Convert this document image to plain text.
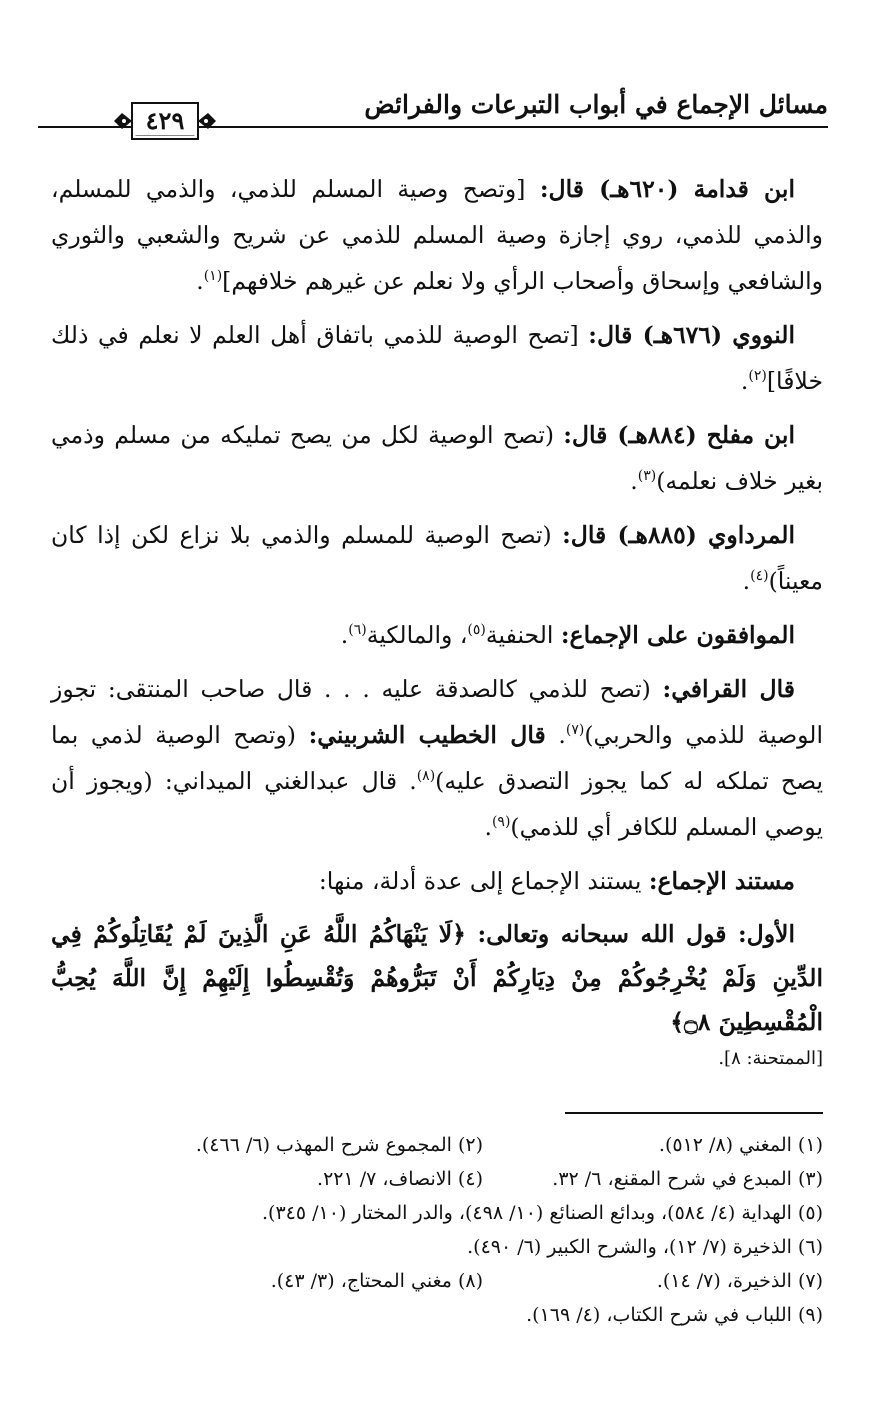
مسائل الإجماع في أبواب التبرعات والفرائض
٤٢٩

ابن قدامة (٦٢٠هـ) قال: [وتصح وصية المسلم للذمي، والذمي للمسلم، والذمي للذمي، روي إجازة وصية المسلم للذمي عن شريح والشعبي والثوري والشافعي وإسحاق وأصحاب الرأي ولا نعلم عن غيرهم خلافهم]$^{(١)}$.

النووي (٦٧٦هـ) قال: [تصح الوصية للذمي باتفاق أهل العلم لا نعلم في ذلك خلافًا]$^{(٢)}$.

ابن مفلح (٨٨٤هـ) قال: (تصح الوصية لكل من يصح تمليكه من مسلم وذمي بغير خلاف نعلمه)$^{(٣)}$.

المرداوي (٨٨٥هـ) قال: (تصح الوصية للمسلم والذمي بلا نزاع لكن إذا كان معيناً)$^{(٤)}$.

الموافقون على الإجماع: الحنفية$^{(٥)}$، والمالكية$^{(٦)}$.

قال القرافي: (تصح للذمي كالصدقة عليه . . . قال صاحب المنتقى: تجوز الوصية للذمي والحربي)$^{(٧)}$. قال الخطيب الشربيني: (وتصح الوصية لذمي بما يصح تملكه له كما يجوز التصدق عليه)$^{(٨)}$. قال عبدالغني الميداني: (ويجوز أن يوصي المسلم للكافر أي للذمي)$^{(٩)}$.

مستند الإجماع: يستند الإجماع إلى عدة أدلة، منها:

الأول: قول الله سبحانه وتعالى: ﴿لَا يَنْهَاكُمُ اللَّهُ عَنِ الَّذِينَ لَمْ يُقَاتِلُوكُمْ فِي الدِّينِ وَلَمْ يُخْرِجُوكُمْ مِنْ دِيَارِكُمْ أَنْ تَبَرُّوهُمْ وَتُقْسِطُوا إِلَيْهِمْ إِنَّ اللَّهَ يُحِبُّ الْمُقْسِطِينَ ۝٨﴾

[الممتحنة: ٨].

(١) المغني (٨/ ٥١٢).
(٢) المجموع شرح المهذب (٦/ ٤٦٦).
(٣) المبدع في شرح المقنع، ٦/ ٣٢.
(٤) الانصاف، ٧/ ٢٢١.
(٥) الهداية (٤/ ٥٨٤)، وبدائع الصنائع (١٠/ ٤٩٨)، والدر المختار (١٠/ ٣٤٥).
(٦) الذخيرة (٧/ ١٢)، والشرح الكبير (٦/ ٤٩٠).
(٧) الذخيرة، (٧/ ١٤).
(٨) مغني المحتاج، (٣/ ٤٣).
(٩) اللباب في شرح الكتاب، (٤/ ١٦٩).
